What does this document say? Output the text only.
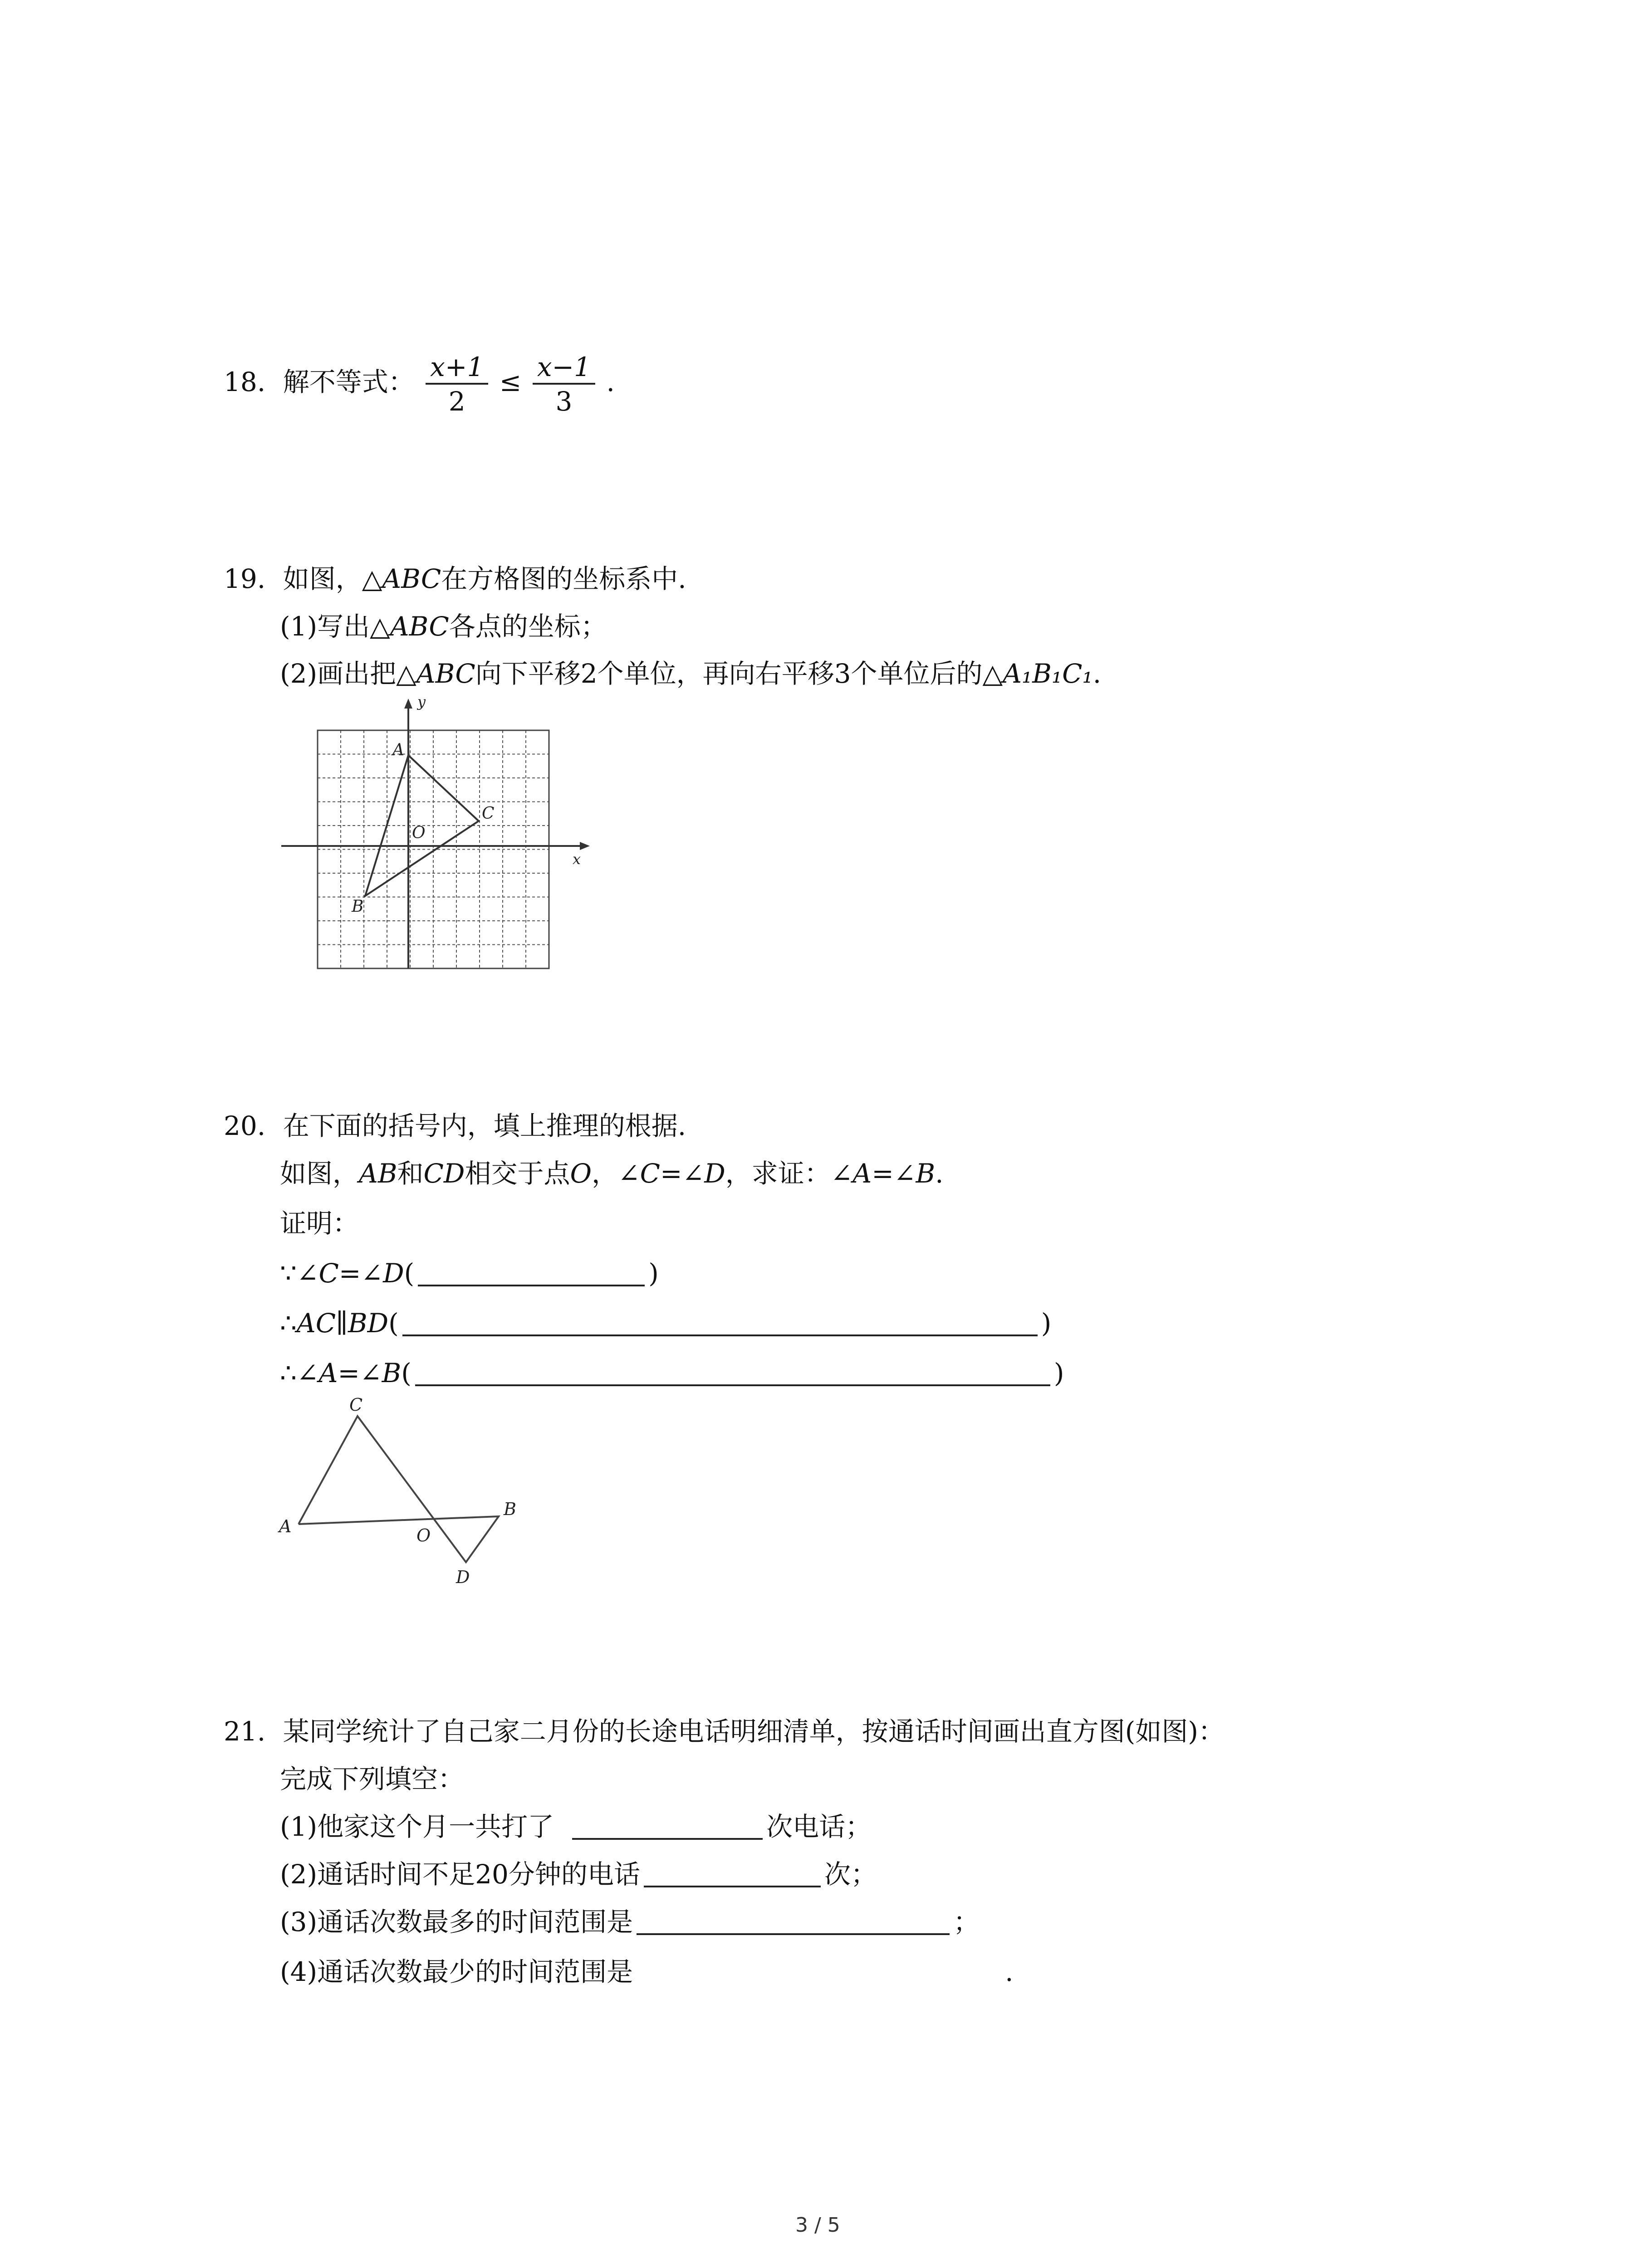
18. 解不等式： $\frac{x+1}{2} \le \frac{x-1}{3}$ .
19. 如图，△ABC在方格图的坐标系中.
(1)写出△ABC各点的坐标；
(2)画出把△ABC向下平移2个单位，再向右平移3个单位后的△A₁B₁C₁.
A
B
C
O
x
y
20. 在下面的括号内，填上推理的根据.
如图，AB和CD相交于点O，∠C=∠D，求证：∠A=∠B.
证明：
∵∠C=∠D(	)
∴AC∥BD(	)
∴∠A=∠B(	)
C
A	O
B
D
21. 某同学统计了自己家二月份的长途电话明细清单，按通话时间画出直方图(如图)：
完成下列填空：
(1)他家这个月一共打了	次电话；
(2)通话时间不足20分钟的电话	次；
(3)通话次数最多的时间范围是	；
(4)通话次数最少的时间范围是	.
3 / 5
